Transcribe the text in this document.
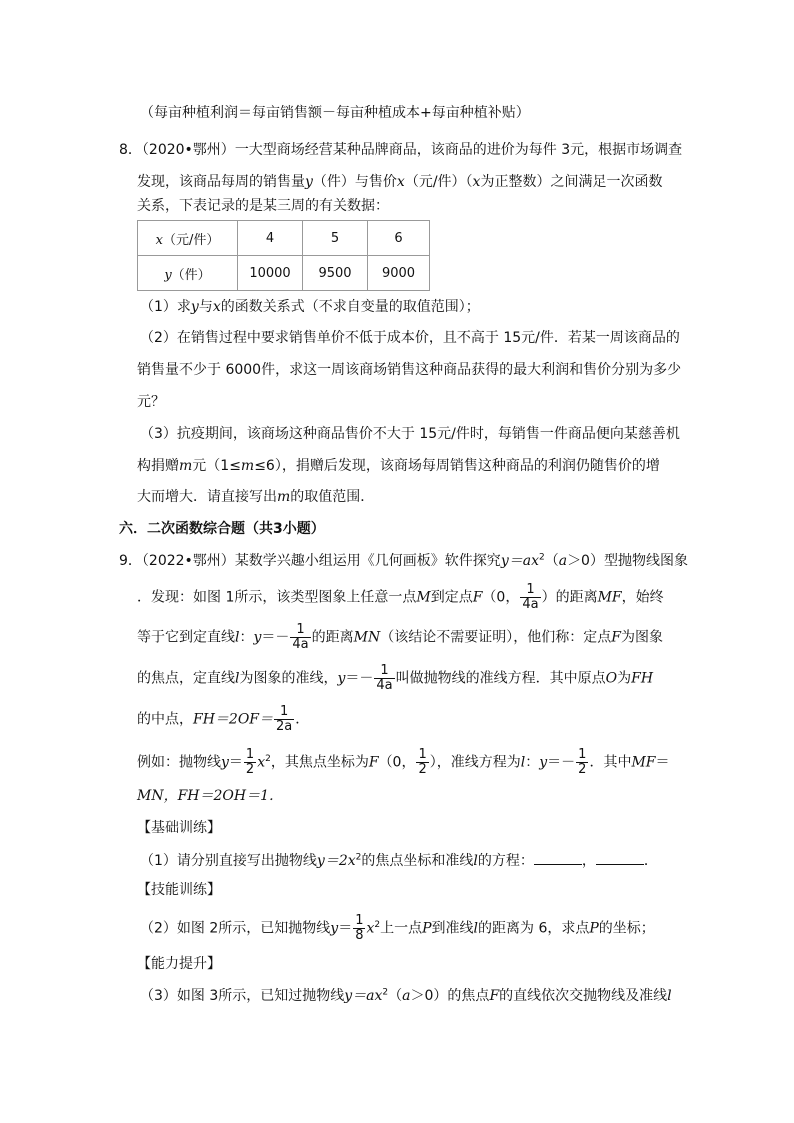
（每亩种植利润＝每亩销售额－每亩种植成本+每亩种植补贴）
8．（2020•鄂州）一大型商场经营某种品牌商品，该商品的进价为每件 3元，根据市场调查
发现，该商品每周的销售量y（件）与售价x（元/件）（x为正整数）之间满足一次函数
关系，下表记录的是某三周的有关数据：
x（元/件）	4	5	6
y（件）	10000	9500	9000
（1）求y与x的函数关系式（不求自变量的取值范围）；
（2）在销售过程中要求销售单价不低于成本价，且不高于 15元/件．若某一周该商品的
销售量不少于 6000件，求这一周该商场销售这种商品获得的最大利润和售价分别为多少
元？
（3）抗疫期间，该商场这种商品售价不大于 15元/件时，每销售一件商品便向某慈善机
构捐赠m元（1≤m≤6），捐赠后发现，该商场每周销售这种商品的利润仍随售价的增
大而增大．请直接写出m的取值范围．
六．二次函数综合题（共3小题）
9．（2022•鄂州）某数学兴趣小组运用《几何画板》软件探究$y=ax^2(a>0)$型抛物线图象
．发现：如图 1所示，该类型图象上任意一点M到定点F（0， $\frac{1}{4a}$ ）的距离MF，始终
等于它到定直线l：$y=- \frac{1}{4a}$ 的距离MN（该结论不需要证明），他们称：定点F为图象
的焦点，定直线l为图象的准线，$y=- \frac{1}{4a}$ 叫做抛物线的准线方程．其中原点O为FH
的中点，$FH=2OF= \frac{1}{2a}$ ．
例如：抛物线$y= \frac{1}{2} x^2$，其焦点坐标为F（0， $\frac{1}{2}$ ），准线方程为l：$y=- \frac{1}{2}$ ．其中MF＝
MN，FH＝2OH＝1．
【基础训练】
（1）请分别直接写出抛物线$y=2x^2$的焦点坐标和准线l的方程：	，	．
【技能训练】
（2）如图 2所示，已知抛物线$y= \frac{1}{8} x^2$上一点P到准线l的距离为 6，求点P的坐标；
【能力提升】
（3）如图 3所示，已知过抛物线$y=ax^2(a>0)$的焦点F的直线依次交抛物线及准线l
